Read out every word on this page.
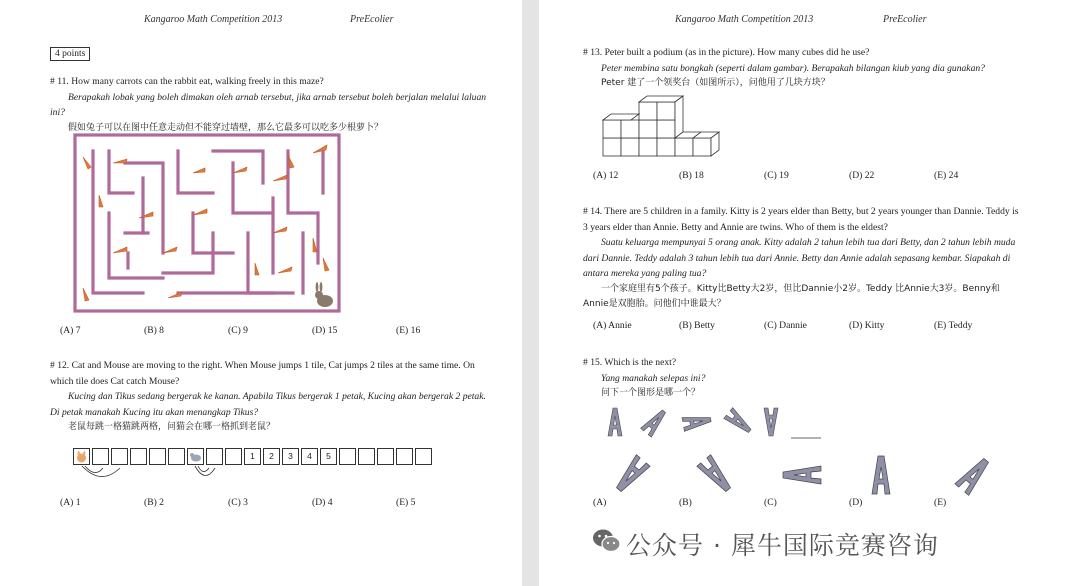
Kangaroo Math Competition 2013	PreEcolier
4 points
# 11. How many carrots can the rabbit eat, walking freely in this maze?
Berapakah lobak yang boleh dimakan oleh arnab tersebut, jika arnab tersebut boleh berjalan melalui laluan ini?
假如兔子可以在图中任意走动但不能穿过墙壁，那么它最多可以吃多少根萝卜？
(A) 7	(B) 8	(C) 9	(D) 15	(E) 16
# 12. Cat and Mouse are moving to the right. When Mouse jumps 1 tile, Cat jumps 2 tiles at the same time. On which tile does Cat catch Mouse?
Kucing dan Tikus sedang bergerak ke kanan. Apabila Tikus bergerak 1 petak, Kucing akan bergerak 2 petak. Di petak manakah Kucing itu akan menangkap Tikus?
老鼠每跳一格猫跳两格，问猫会在哪一格抓到老鼠？
1	2	3	4	5
(A) 1	(B) 2	(C) 3	(D) 4	(E) 5
Kangaroo Math Competition 2013	PreEcolier
# 13. Peter built a podium (as in the picture). How many cubes did he use?
Peter membina satu bongkah (seperti dalam gambar). Berapakah bilangan kiub yang dia gunakan?
Peter 建了一个领奖台（如图所示），问他用了几块方块？
(A) 12	(B) 18	(C) 19	(D) 22	(E) 24
# 14. There are 5 children in a family. Kitty is 2 years elder than Betty, but 2 years younger than Dannie. Teddy is 3 years elder than Annie. Betty and Annie are twins. Who of them is the eldest?
Suatu keluarga mempunyai 5 orang anak. Kitty adalah 2 tahun lebih tua dari Betty, dan 2 tahun lebih muda dari Dannie. Teddy adalah 3 tahun lebih tua dari Annie. Betty dan Annie adalah sepasang kembar. Siapakah di antara mereka yang paling tua?
一个家庭里有5个孩子。Kitty比Betty大2岁，但比Dannie小2岁。Teddy 比Annie大3岁。Benny和Annie是双胞胎。问他们中谁最大？
(A) Annie	(B) Betty	(C) Dannie	(D) Kitty	(E) Teddy
# 15. Which is the next?
Yang manakah selepas ini?
问下一个图形是哪一个？
(A)	(B)	(C)	(D)	(E)
公众号 · 犀牛国际竞赛咨询
